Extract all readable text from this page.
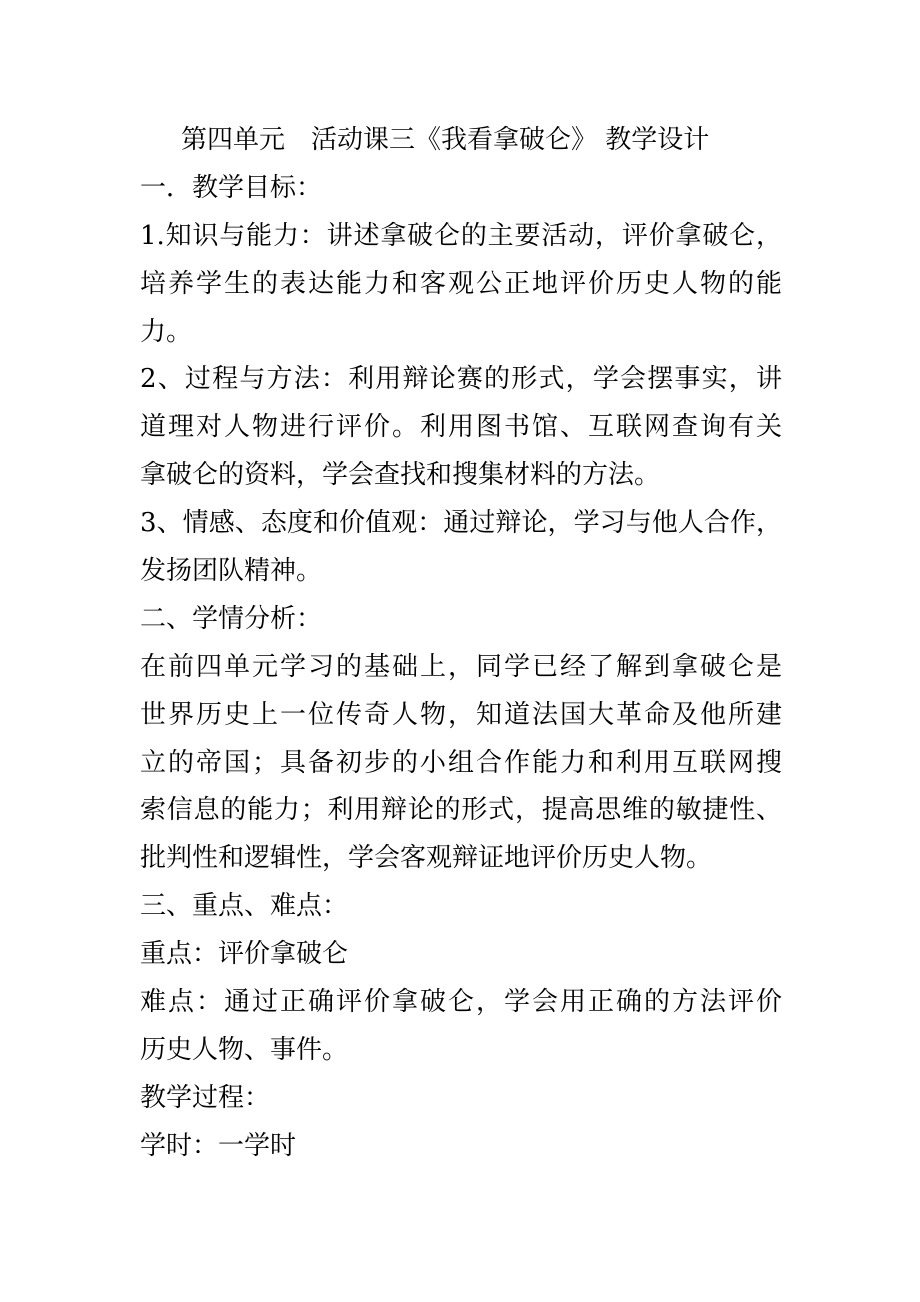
第四单元　活动课三《我看拿破仑》 教学设计
一．教学目标：
1.知识与能力：讲述拿破仑的主要活动，评价拿破仑，
培养学生的表达能力和客观公正地评价历史人物的能
力。
2、过程与方法：利用辩论赛的形式，学会摆事实，讲
道理对人物进行评价。利用图书馆、互联网查询有关
拿破仑的资料，学会查找和搜集材料的方法。
3、情感、态度和价值观：通过辩论，学习与他人合作，
发扬团队精神。
二、学情分析：
在前四单元学习的基础上，同学已经了解到拿破仑是
世界历史上一位传奇人物，知道法国大革命及他所建
立的帝国；具备初步的小组合作能力和利用互联网搜
索信息的能力；利用辩论的形式，提高思维的敏捷性、
批判性和逻辑性，学会客观辩证地评价历史人物。
三、重点、难点：
重点：评价拿破仑
难点：通过正确评价拿破仑，学会用正确的方法评价
历史人物、事件。
教学过程：
学时：一学时
